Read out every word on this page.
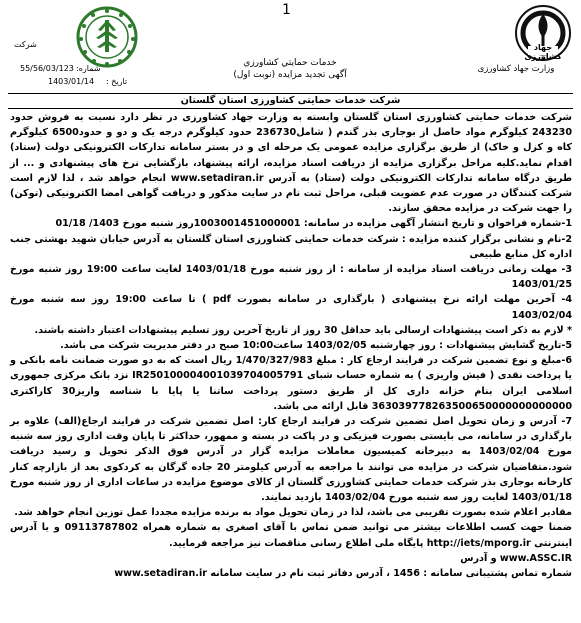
1
جهاد کشاورزی
شرکت
خدمات حمايتي كشاورزي
آگهی تجدید مزایده (نوبت اول)
وزارت جهاد کشاورزی
55/56/03/123 شماره:
1403/01/14 تاریخ :
شرکت خدمات حمایتی کشاورزی استان گلستان

شرکت خدمات حمایتی کشاورزی استان گلستان وابسته به وزارت جهاد کشاورزی در نظر دارد نسبت به فروش حدود 243230 کیلوگرم مواد حاصل از بوجاری بذر گندم ( شامل236730 حدود کیلوگرم درجه یک و دو و حدود6500 کیلوگرم کاه و کزل و خاک) از طریق برگزاری مزایده عمومی یک مرحله ای و در بستر سامانه تدارکات الکترونیکی دولت (ستاد) اقدام نماید.کلیه مراحل برگزاری مزایده از دریافت اسناد مزایده، ارائه پیشنهاد، بازگشایی نرخ های پیشنهادی و ... از طریق درگاه سامانه تدارکات الکترونیکی دولت (ستاد) به آدرس www.setadiran.ir انجام خواهد شد ، لذا لازم است شرکت کنندگان در صورت عدم عضویت قبلی، مراحل ثبت نام در سایت مذکور و دریافت گواهی امضا الکترونیکی (توکن) را جهت شرکت در مزایده محقق سازند.

1-شماره فراخوان و تاریخ انتشار آگهی مزایده در سامانه: 1003001451000001روز شنبه مورخ 1403/ 01/18

2-نام و نشانی برگزار کننده مزایده : شرکت خدمات حمایتی کشاورزی استان گلستان به آدرس خیابان شهید بهشتی جنب اداره کل منابع طبیعی

3- مهلت زمانی دریافت اسناد مزایده از سامانه : از روز شنبه مورخ 1403/01/18 لغایت ساعت 19:00 روز شنبه مورخ 1403/01/25

4- آخرین مهلت ارائه نرخ پیشنهادی ( بارگذاری در سامانه بصورت pdf ) تا ساعت 19:00 روز سه شنبه مورخ 1403/02/04

* لازم به ذکر است پیشنهادات ارسالی باید حداقل 30 روز از تاریخ آخرین روز تسلیم پیشنهادات اعتبار داشته باشند.

5-تاریخ گشایش پیشنهادات : روز چهارشنبه 1403/02/05 ساعت10:00 صبح در دفتر مدیریت شرکت می باشد.

6-مبلغ و نوع تضمین شرکت در فرایند ارجاع کار : مبلغ 1/470/327/983 ریال است که به دو صورت ضمانت نامه بانکی و یا پرداخت نقدی ( فیش واریزی ) به شماره حساب شبای IR250100004001039704005791 نزد بانک مرکزی جمهوری اسلامی ایران بنام خزانه داری کل از طریق دستور پرداخت ساتنا یا پایا با شناسه واریز30 کاراکتری 363039778263500650000000000000 قابل ارائه می باشد.

7- آدرس و زمان تحویل اصل تضمین شرکت در فرایند ارجاع کار: اصل تضمین شرکت در فرایند ارجاع(الف) علاوه بر بارگذاری در سامانه، می بایستی بصورت فیزیکی و در پاکت در بسته و ممهور، حداکثر تا پایان وقت اداری روز سه شنبه مورخ 1403/02/04 به دبیرخانه کمیسیون معاملات مزایده گزار در آدرس فوق الذکر تحویل و رسید دریافت شود.متقاضیان شرکت در مزایده می توانند با مراجعه به آدرس کیلومتر 20 جاده گرگان به کردکوی بعد از بازارچه کنار کارخانه بوجاری بذر شرکت خدمات حمایتی کشاورزی گلستان از کالای موضوع مزایده در ساعات اداری از روز شنبه مورخ 1403/01/18 لغایت روز سه شنبه مورخ 1403/02/04 بازدید نمایند.

مقادیر اعلام شده بصورت تقریبی می باشد، لذا در زمان تحویل مواد به برنده مزایده مجددا عمل توزین انجام خواهد شد.

ضمنا جهت کسب اطلاعات بیشتر می توانید ضمن تماس با آقای اصغری به شماره همراه 09113787802 و یا آدرس اینترنتی http://iets/mporg.ir پایگاه ملی اطلاع رسانی مناقصات نیز مراجعه فرمایید.

www.ASSC.IR و آدرس

شماره تماس پشتیبانی سامانه : 1456 ، آدرس دفاتر ثبت نام در سایت سامانه www.setadiran.ir
